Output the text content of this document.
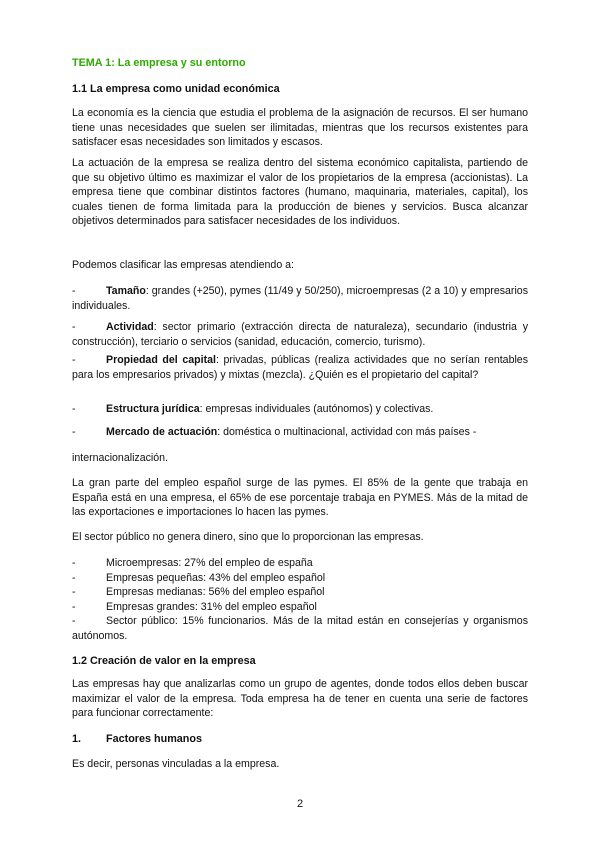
TEMA 1: La empresa y su entorno
1.1 La empresa como unidad económica
La economía es la ciencia que estudia el problema de la asignación de recursos. El ser humano tiene unas necesidades que suelen ser ilimitadas, mientras que los recursos existentes para satisfacer esas necesidades son limitados y escasos.
La actuación de la empresa se realiza dentro del sistema económico capitalista, partiendo de que su objetivo último es maximizar el valor de los propietarios de la empresa (accionistas). La empresa tiene que combinar distintos factores (humano, maquinaria, materiales, capital), los cuales tienen de forma limitada para la producción de bienes y servicios. Busca alcanzar objetivos determinados para satisfacer necesidades de los individuos.
Podemos clasificar las empresas atendiendo a:
-	Tamaño: grandes (+250), pymes (11/49 y 50/250), microempresas (2 a 10) y empresarios individuales.
-	Actividad: sector primario (extracción directa de naturaleza), secundario (industria y construcción), terciario o servicios (sanidad, educación, comercio, turismo).
-	Propiedad del capital: privadas, públicas (realiza actividades que no serían rentables para los empresarios privados) y mixtas (mezcla). ¿Quién es el propietario del capital?
-	Estructura jurídica: empresas individuales (autónomos) y colectivas.
-	Mercado de actuación: doméstica o multinacional, actividad con más países -
internacionalización.
La gran parte del empleo español surge de las pymes. El 85% de la gente que trabaja en España está en una empresa, el 65% de ese porcentaje trabaja en PYMES. Más de la mitad de las exportaciones e importaciones lo hacen las pymes.
El sector público no genera dinero, sino que lo proporcionan las empresas.
-	Microempresas: 27% del empleo de españa
-	Empresas pequeñas: 43% del empleo español
-	Empresas medianas: 56% del empleo español
-	Empresas grandes: 31% del empleo español
-	Sector público: 15% funcionarios. Más de la mitad están en consejerías y organismos autónomos.
1.2 Creación de valor en la empresa
Las empresas hay que analizarlas como un grupo de agentes, donde todos ellos deben buscar maximizar el valor de la empresa. Toda empresa ha de tener en cuenta una serie de factores para funcionar correctamente:
1. Factores humanos
Es decir, personas vinculadas a la empresa.
2
